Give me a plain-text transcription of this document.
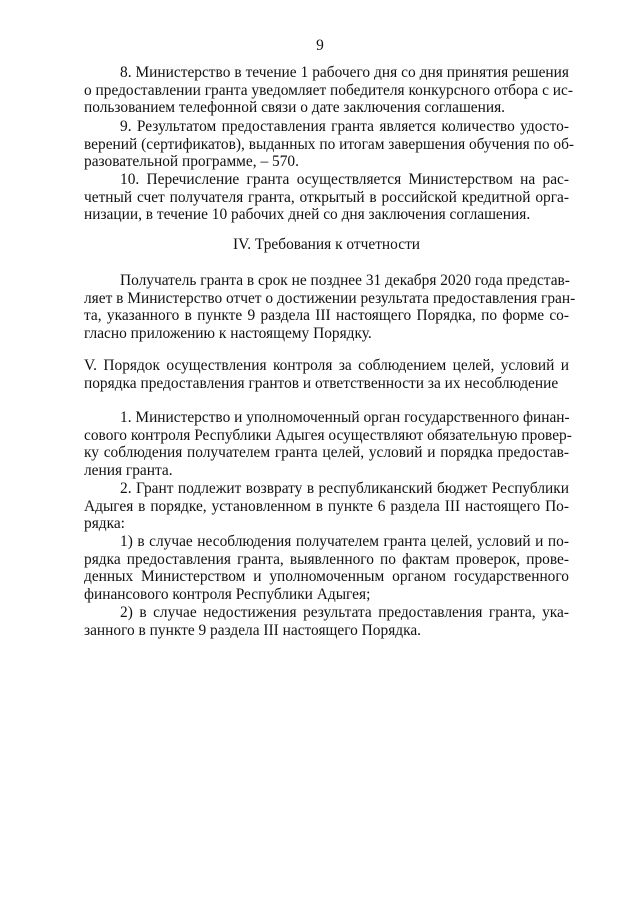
9
8. Министерство в течение 1 рабочего дня со дня принятия решения
о предоставлении гранта уведомляет победителя конкурсного отбора с ис-
пользованием телефонной связи о дате заключения соглашения.
9. Результатом предоставления гранта является количество удосто-
верений (сертификатов), выданных по итогам завершения обучения по об-
разовательной программе, – 570.
10. Перечисление гранта осуществляется Министерством на рас-
четный счет получателя гранта, открытый в российской кредитной орга-
низации, в течение 10 рабочих дней со дня заключения соглашения.
IV. Требования к отчетности
Получатель гранта в срок не позднее 31 декабря 2020 года представ-
ляет в Министерство отчет о достижении результата предоставления гран-
та, указанного в пункте 9 раздела III настоящего Порядка, по форме со-
гласно приложению к настоящему Порядку.
V. Порядок осуществления контроля за соблюдением целей, условий и
порядка предоставления грантов и ответственности за их несоблюдение
1. Министерство и уполномоченный орган государственного финан-
сового контроля Республики Адыгея осуществляют обязательную провер-
ку соблюдения получателем гранта целей, условий и порядка предостав-
ления гранта.
2. Грант подлежит возврату в республиканский бюджет Республики
Адыгея в порядке, установленном в пункте 6 раздела III настоящего По-
рядка:
1) в случае несоблюдения получателем гранта целей, условий и по-
рядка предоставления гранта, выявленного по фактам проверок, прове-
денных Министерством и уполномоченным органом государственного
финансового контроля Республики Адыгея;
2) в случае недостижения результата предоставления гранта, ука-
занного в пункте 9 раздела III настоящего Порядка.
